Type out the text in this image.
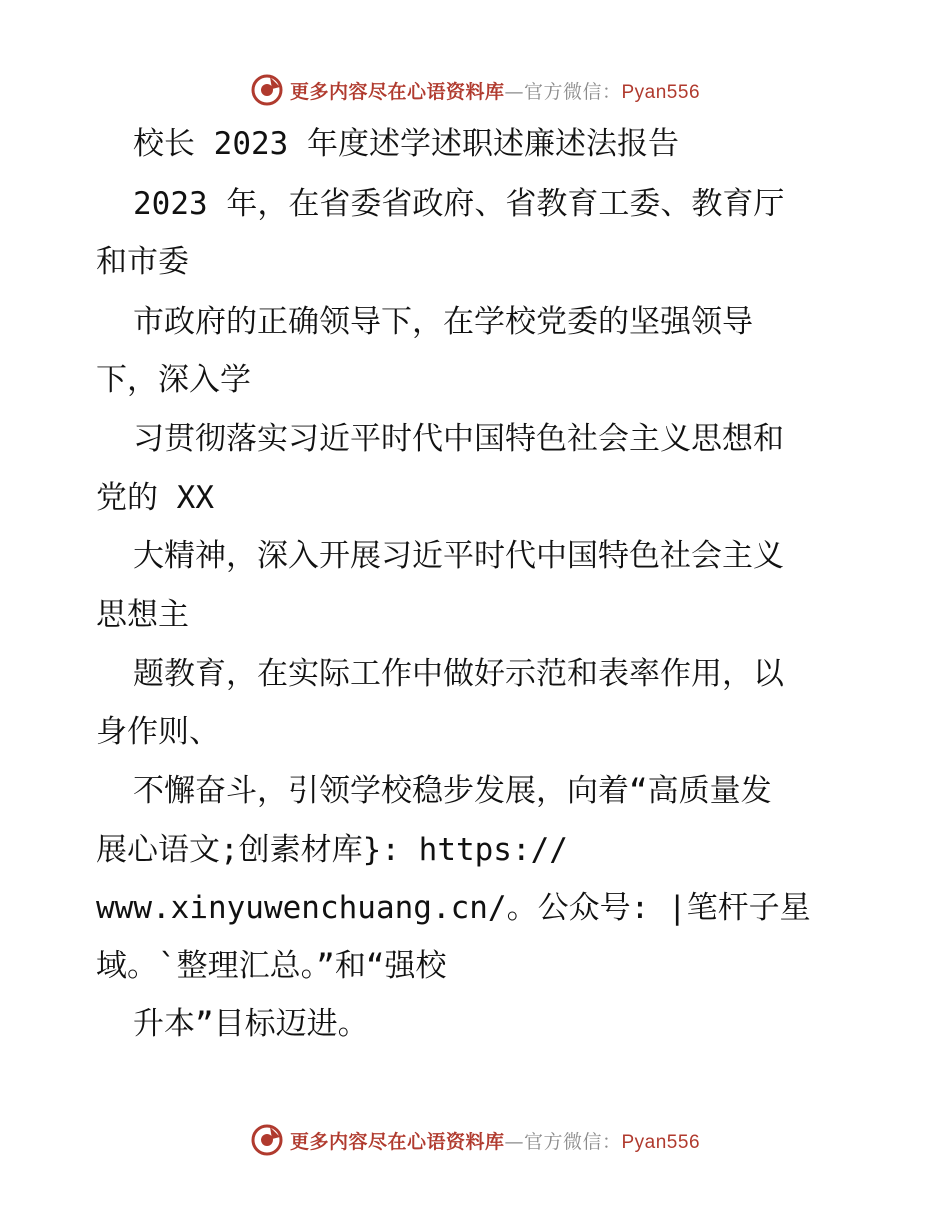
更多内容尽在心语资料库—官方微信：Pyan556
校长 2023 年度述学述职述廉述法报告
2023 年，在省委省政府、省教育工委、教育厅
和市委
市政府的正确领导下，在学校党委的坚强领导
下，深入学
习贯彻落实习近平时代中国特色社会主义思想和
党的 XX
大精神，深入开展习近平时代中国特色社会主义
思想主
题教育，在实际工作中做好示范和表率作用，以
身作则、
不懈奋斗，引领学校稳步发展，向着“高质量发
展心语文;创素材库}: https://
www.xinyuwenchuang.cn/。公众号: |笔杆子星
域。`整理汇总。”和“强校
升本”目标迈进。
更多内容尽在心语资料库—官方微信：Pyan556
